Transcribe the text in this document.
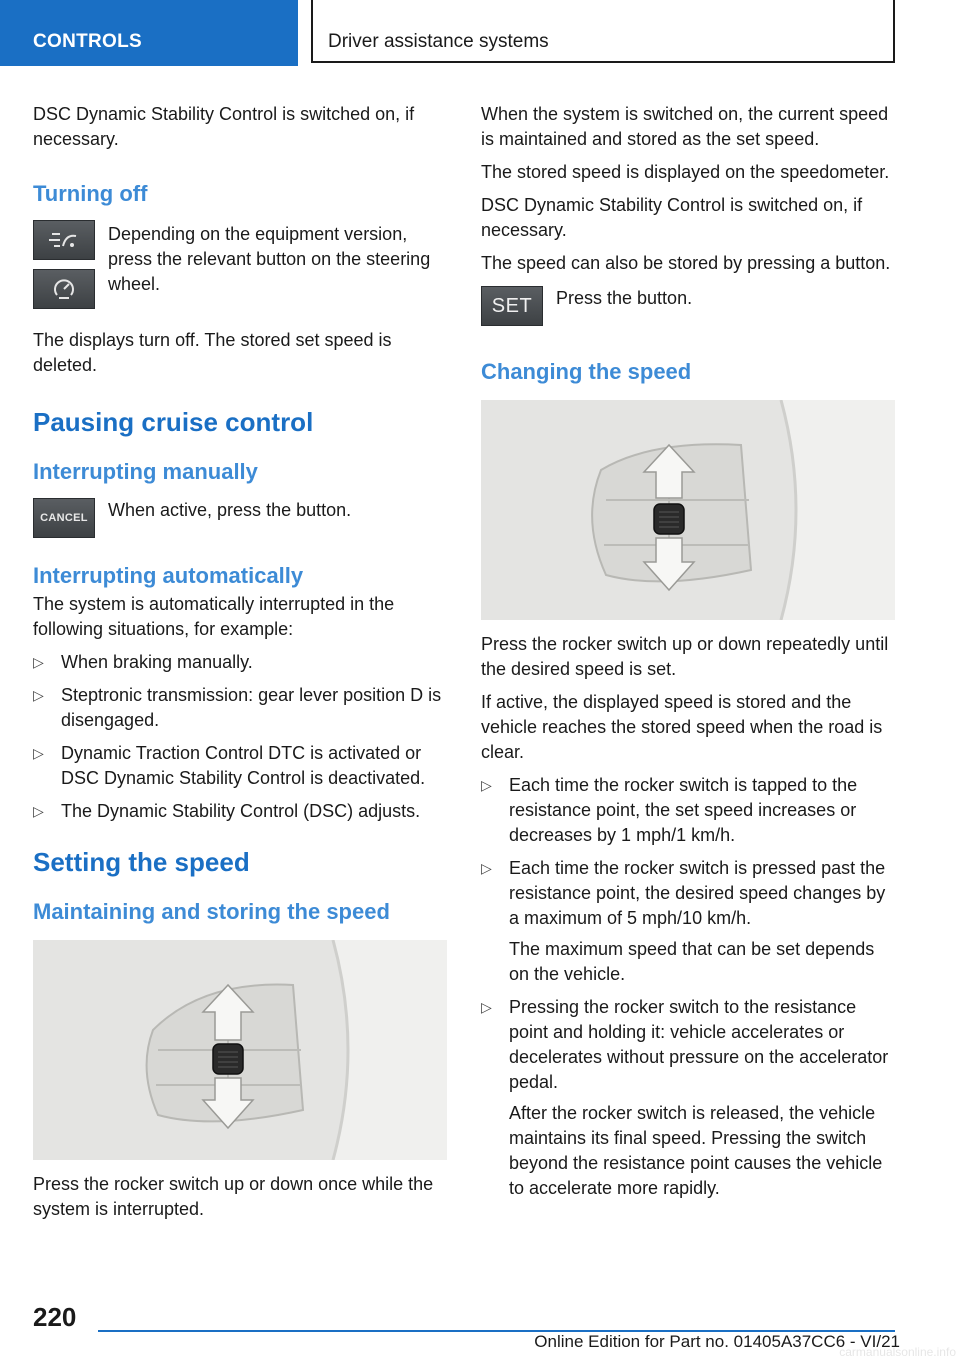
CONTROLS	Driver assistance systems

DSC Dynamic Stability Control is switched on, if necessary.

Turning off

Depending on the equipment version, press the relevant button on the steering wheel.

The displays turn off. The stored set speed is deleted.

Pausing cruise control
Interrupting manually
CANCEL When active, press the button.

Interrupting automatically

The system is automatically interrupted in the following situations, for example:

▷ When braking manually.
▷ Steptronic transmission: gear lever position D is disengaged.
▷ Dynamic Traction Control DTC is activated or DSC Dynamic Stability Control is deactivated.
▷ The Dynamic Stability Control (DSC) adjusts.
Setting the speed
Maintaining and storing the speed

Press the rocker switch up or down once while the system is interrupted.

When the system is switched on, the current speed is maintained and stored as the set speed.

The stored speed is displayed on the speedometer.

DSC Dynamic Stability Control is switched on, if necessary.

The speed can also be stored by pressing a button.

SET Press the button.

Changing the speed

Press the rocker switch up or down repeatedly until the desired speed is set.

If active, the displayed speed is stored and the vehicle reaches the stored speed when the road is clear.

▷ Each time the rocker switch is tapped to the resistance point, the set speed increases or decreases by 1 mph/1 km/h.
▷ Each time the rocker switch is pressed past the resistance point, the desired speed changes by a maximum of 5 mph/10 km/h.
The maximum speed that can be set depends on the vehicle.
▷ Pressing the rocker switch to the resistance point and holding it: vehicle accelerates or decelerates without pressure on the accelerator pedal.
After the rocker switch is released, the vehicle maintains its final speed. Pressing the switch beyond the resistance point causes the vehicle to accelerate more rapidly.
220
Online Edition for Part no. 01405A37CC6 - VI/21
carmanualsonline.info
